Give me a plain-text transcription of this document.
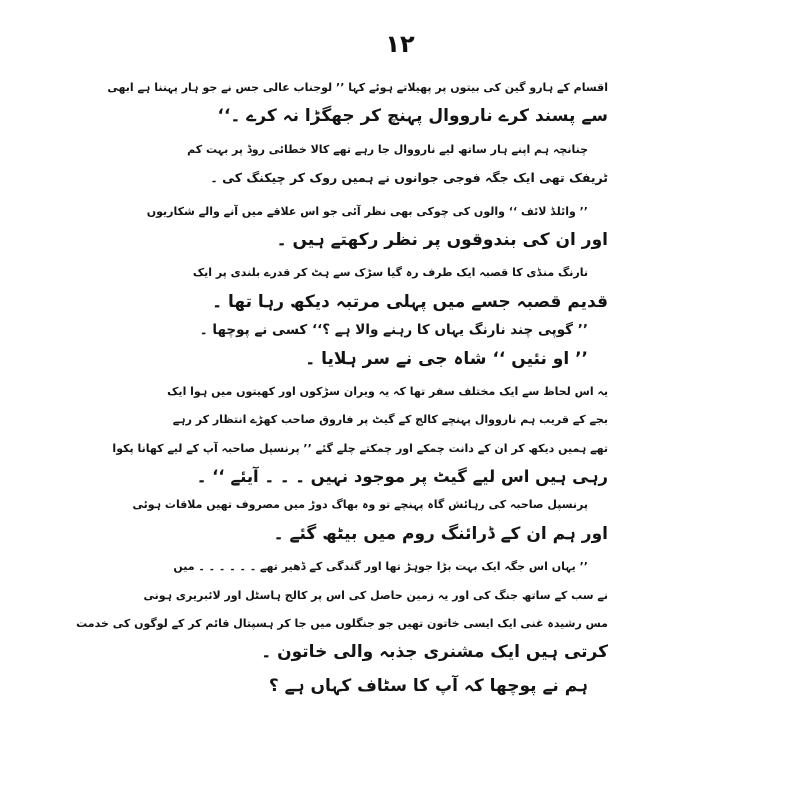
۱۲
اقسام کے ہارو گین کی بیتوں پر پھیلاتے ہوئے کہا ’’ لوجناب عالی جس نے جو ہار پہننا ہے ابھی
سے پسند کرے نارووال پہنچ کر جھگڑا نہ کرے ۔‘‘
چنانچہ ہم اپنے ہار ساتھ لیے نارووال جا رہے تھے کالا خطائی روڈ پر بہت کم
ٹریفک تھی ایک جگہ فوجی جوانوں نے ہمیں روک کر چیکنگ کی ۔
’’ وائلڈ لائف ‘‘ والوں کی چوکی بھی نظر آئی جو اس علاقے میں آنے والے شکاریوں
اور ان کی بندوقوں پر نظر رکھتے ہیں ۔
نارنگ منڈی کا قصبہ ایک طرف رہ گیا سڑک سے ہٹ کر قدرے بلندی پر ایک
قدیم قصبہ جسے میں پہلی مرتبہ دیکھ رہا تھا ۔
’’ گوپی چند نارنگ یہاں کا رہنے والا ہے ؟‘‘ کسی نے پوچھا ۔
’’ او نئیں ‘‘ شاہ جی نے سر ہلایا ۔
یہ اس لحاظ سے ایک مختلف سفر تھا کہ یہ ویران سڑکوں اور کھیتوں میں ہوا ایک
بجے کے قریب ہم نارووال پہنچے کالج کے گیٹ پر فاروق صاحب کھڑے انتظار کر رہے
تھے ہمیں دیکھ کر ان کے دانت چمکے اور چمکتے چلے گئے ’’ پرنسپل صاحبہ آپ کے لیے کھانا پکوا
رہی ہیں اس لیے گیٹ پر موجود نہیں ۔ ۔ ۔ آیئے ‘‘ ۔
پرنسپل صاحبہ کی رہائش گاہ پہنچے تو وہ بھاگ دوڑ میں مصروف تھیں ملاقات ہوئی
اور ہم ان کے ڈرائنگ روم میں بیٹھ گئے ۔
’’ یہاں اس جگہ ایک بہت بڑا جوہڑ تھا اور گندگی کے ڈھیر تھے ۔ ۔ ۔ ۔ ۔ ۔ میں
نے سب کے ساتھ جنگ کی اور یہ زمین حاصل کی اس پر کالج ہاسٹل اور لائبریری ہونی
مس رشیدہ غنی ایک ایسی خاتون تھیں جو جنگلوں میں جا کر ہسپتال قائم کر کے لوگوں کی خدمت
کرتی ہیں ایک مشنری جذبہ والی خاتون ۔
ہم نے پوچھا کہ آپ کا سٹاف کہاں ہے ؟
